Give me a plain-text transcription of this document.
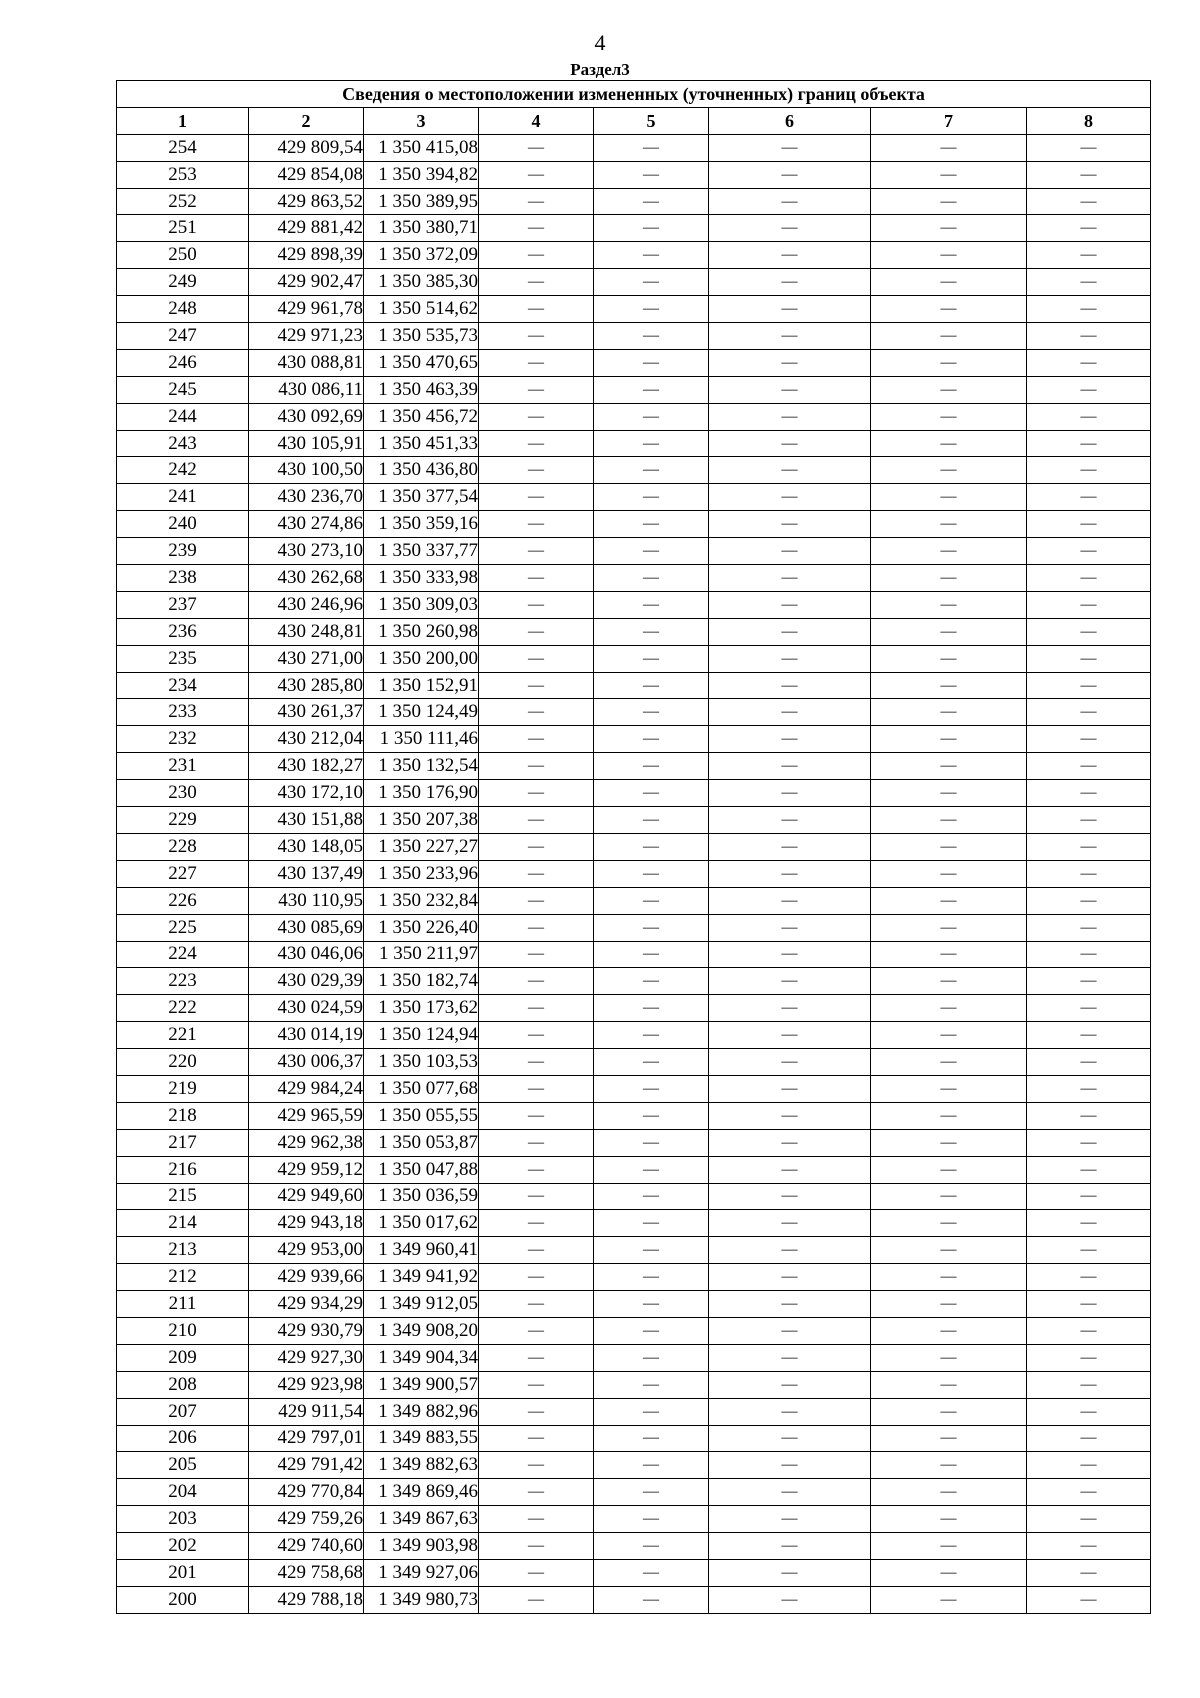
4
Раздел3
Сведения о местоположении измененных (уточненных) границ объекта							
1	2	3	4	5	6	7	8
254	429 809,54	1 350 415,08	—	—	—	—	—
253	429 854,08	1 350 394,82	—	—	—	—	—
252	429 863,52	1 350 389,95	—	—	—	—	—
251	429 881,42	1 350 380,71	—	—	—	—	—
250	429 898,39	1 350 372,09	—	—	—	—	—
249	429 902,47	1 350 385,30	—	—	—	—	—
248	429 961,78	1 350 514,62	—	—	—	—	—
247	429 971,23	1 350 535,73	—	—	—	—	—
246	430 088,81	1 350 470,65	—	—	—	—	—
245	430 086,11	1 350 463,39	—	—	—	—	—
244	430 092,69	1 350 456,72	—	—	—	—	—
243	430 105,91	1 350 451,33	—	—	—	—	—
242	430 100,50	1 350 436,80	—	—	—	—	—
241	430 236,70	1 350 377,54	—	—	—	—	—
240	430 274,86	1 350 359,16	—	—	—	—	—
239	430 273,10	1 350 337,77	—	—	—	—	—
238	430 262,68	1 350 333,98	—	—	—	—	—
237	430 246,96	1 350 309,03	—	—	—	—	—
236	430 248,81	1 350 260,98	—	—	—	—	—
235	430 271,00	1 350 200,00	—	—	—	—	—
234	430 285,80	1 350 152,91	—	—	—	—	—
233	430 261,37	1 350 124,49	—	—	—	—	—
232	430 212,04	1 350 111,46	—	—	—	—	—
231	430 182,27	1 350 132,54	—	—	—	—	—
230	430 172,10	1 350 176,90	—	—	—	—	—
229	430 151,88	1 350 207,38	—	—	—	—	—
228	430 148,05	1 350 227,27	—	—	—	—	—
227	430 137,49	1 350 233,96	—	—	—	—	—
226	430 110,95	1 350 232,84	—	—	—	—	—
225	430 085,69	1 350 226,40	—	—	—	—	—
224	430 046,06	1 350 211,97	—	—	—	—	—
223	430 029,39	1 350 182,74	—	—	—	—	—
222	430 024,59	1 350 173,62	—	—	—	—	—
221	430 014,19	1 350 124,94	—	—	—	—	—
220	430 006,37	1 350 103,53	—	—	—	—	—
219	429 984,24	1 350 077,68	—	—	—	—	—
218	429 965,59	1 350 055,55	—	—	—	—	—
217	429 962,38	1 350 053,87	—	—	—	—	—
216	429 959,12	1 350 047,88	—	—	—	—	—
215	429 949,60	1 350 036,59	—	—	—	—	—
214	429 943,18	1 350 017,62	—	—	—	—	—
213	429 953,00	1 349 960,41	—	—	—	—	—
212	429 939,66	1 349 941,92	—	—	—	—	—
211	429 934,29	1 349 912,05	—	—	—	—	—
210	429 930,79	1 349 908,20	—	—	—	—	—
209	429 927,30	1 349 904,34	—	—	—	—	—
208	429 923,98	1 349 900,57	—	—	—	—	—
207	429 911,54	1 349 882,96	—	—	—	—	—
206	429 797,01	1 349 883,55	—	—	—	—	—
205	429 791,42	1 349 882,63	—	—	—	—	—
204	429 770,84	1 349 869,46	—	—	—	—	—
203	429 759,26	1 349 867,63	—	—	—	—	—
202	429 740,60	1 349 903,98	—	—	—	—	—
201	429 758,68	1 349 927,06	—	—	—	—	—
200	429 788,18	1 349 980,73	—	—	—	—	—
